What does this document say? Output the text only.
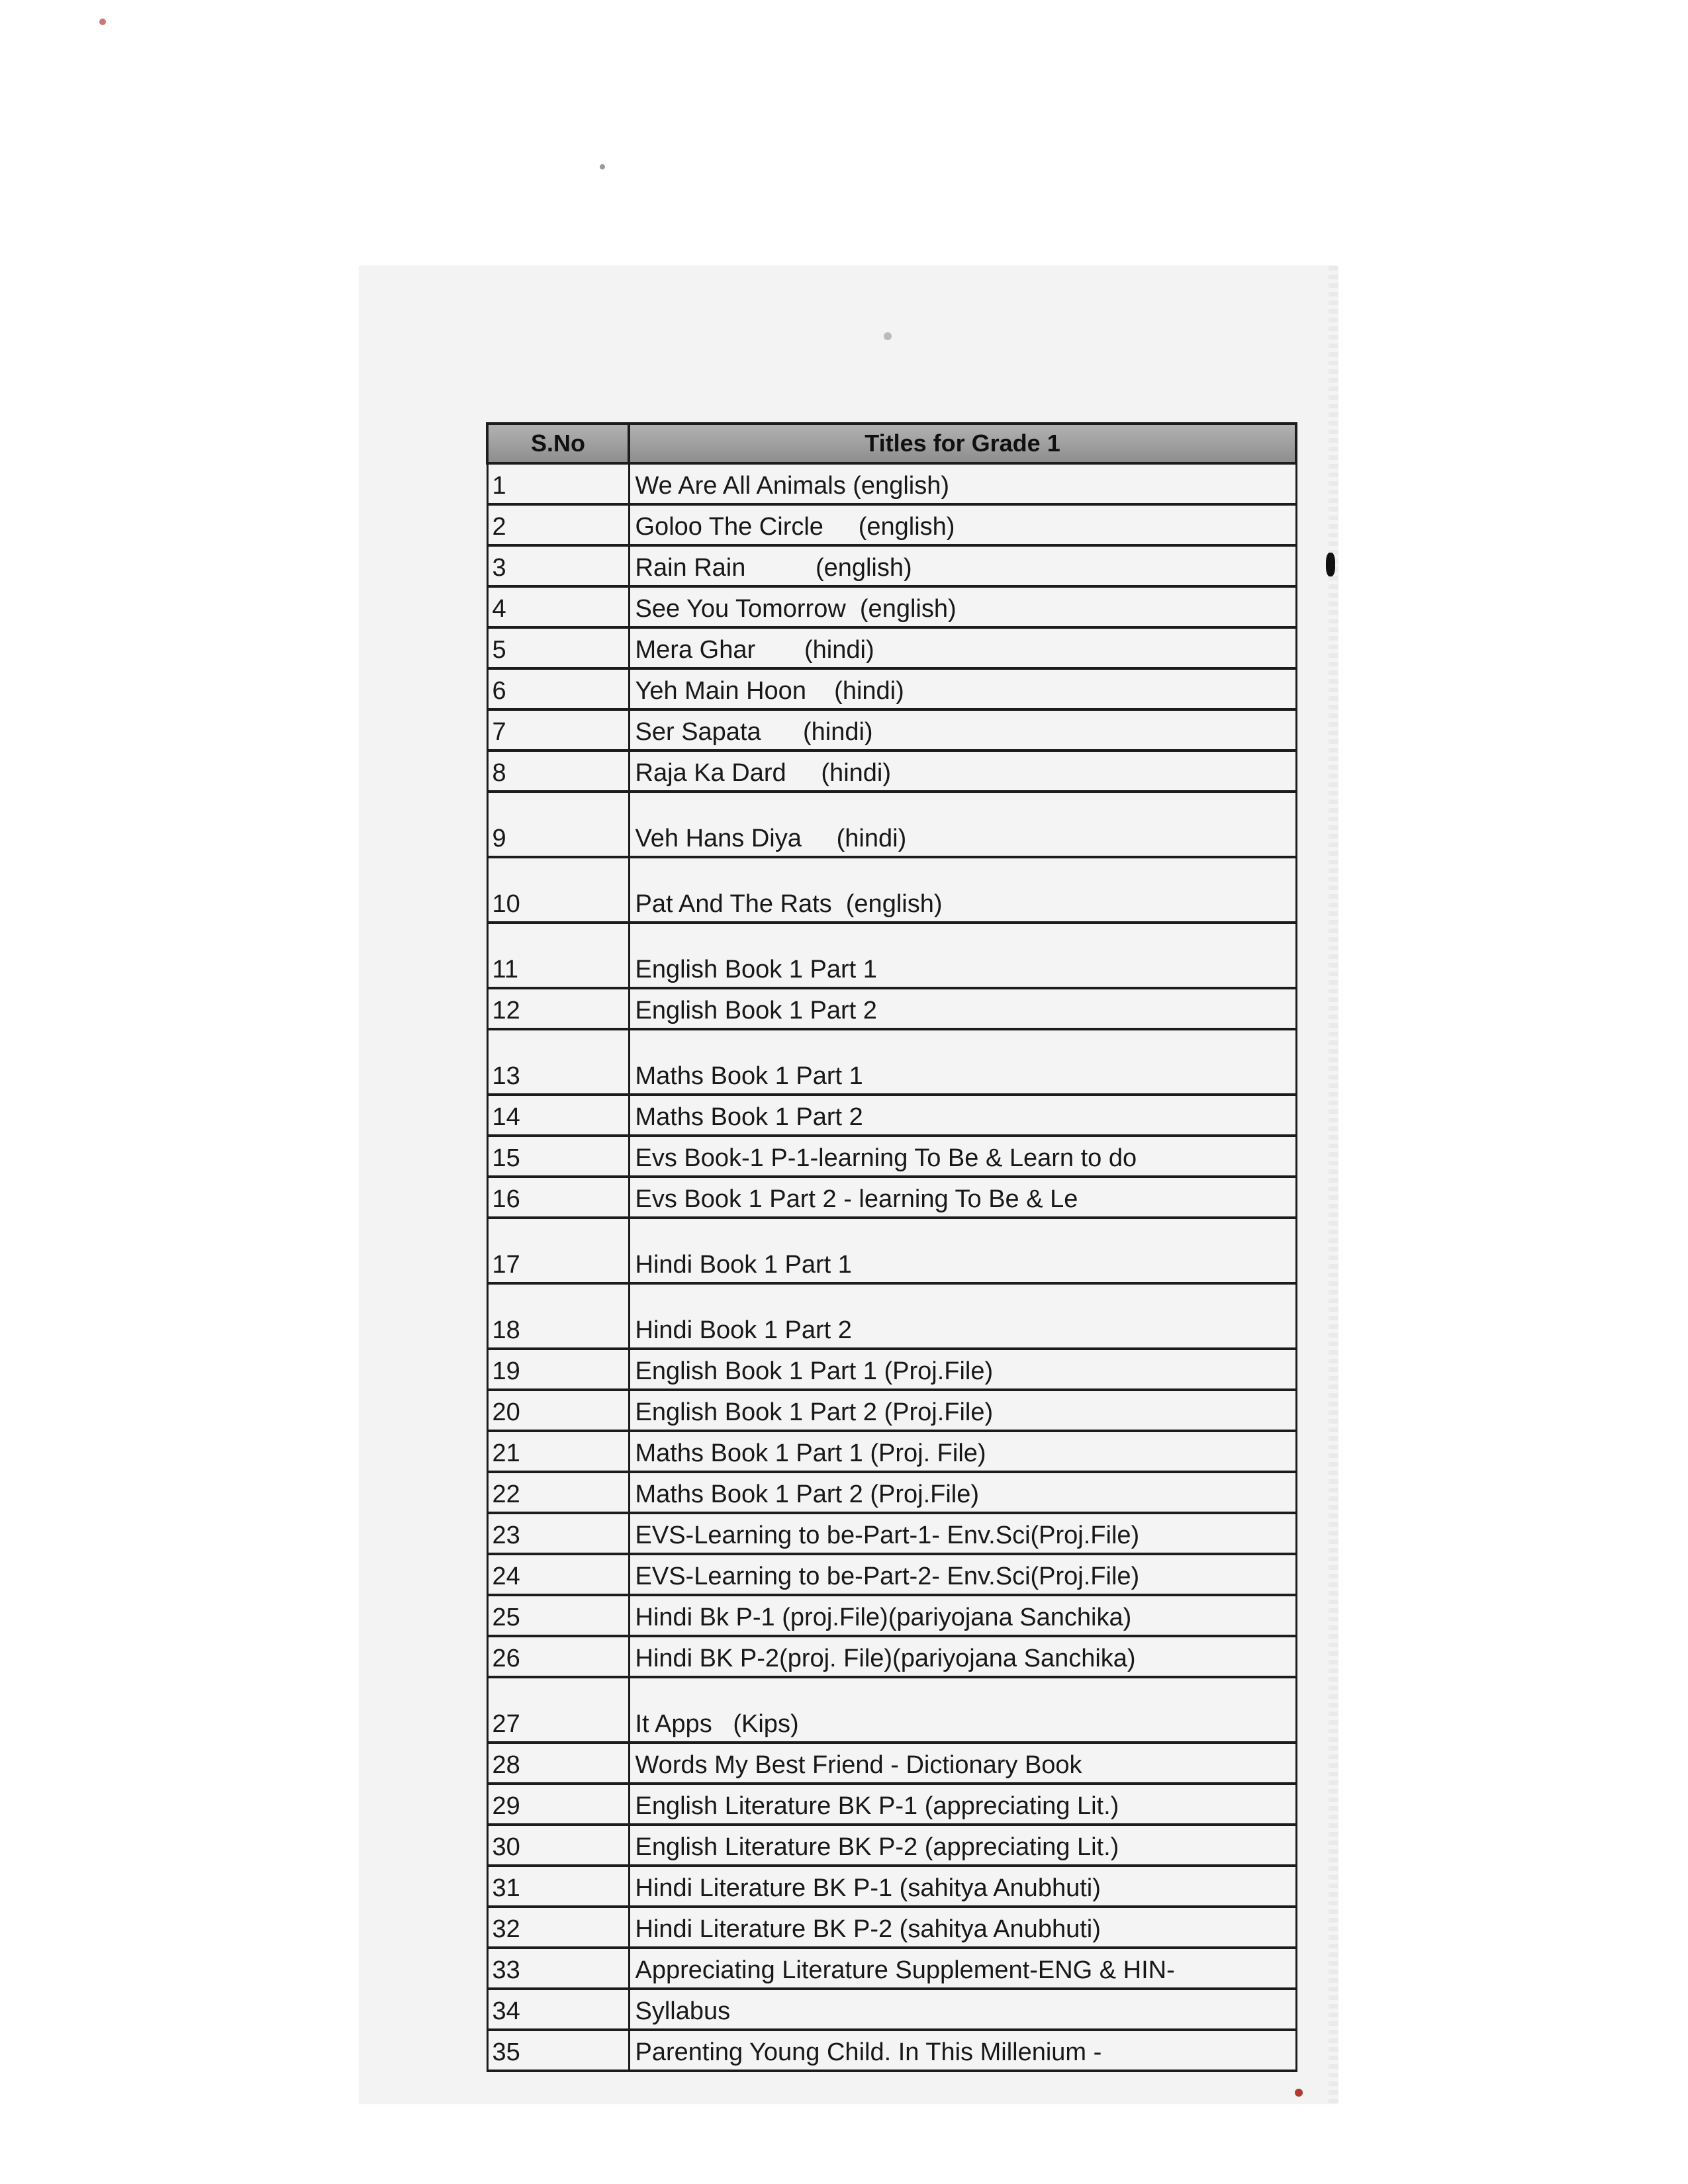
S.No	Titles for Grade 1
1	We Are All Animals (english)
2	Goloo The Circle     (english)
3	Rain Rain          (english)
4	See You Tomorrow  (english)
5	Mera Ghar       (hindi)
6	Yeh Main Hoon    (hindi)
7	Ser Sapata      (hindi)
8	Raja Ka Dard     (hindi)
9	Veh Hans Diya     (hindi)
10	Pat And The Rats  (english)
11	English Book 1 Part 1
12	English Book 1 Part 2
13	Maths Book 1 Part 1
14	Maths Book 1 Part 2
15	Evs Book-1 P-1-learning To Be & Learn to do
16	Evs Book 1 Part 2 - learning To Be & Le
17	Hindi Book 1 Part 1
18	Hindi Book 1 Part 2
19	English Book 1 Part 1 (Proj.File)
20	English Book 1 Part 2 (Proj.File)
21	Maths Book 1 Part 1 (Proj. File)
22	Maths Book 1 Part 2 (Proj.File)
23	EVS-Learning to be-Part-1- Env.Sci(Proj.File)
24	EVS-Learning to be-Part-2- Env.Sci(Proj.File)
25	Hindi Bk P-1 (proj.File)(pariyojana Sanchika)
26	Hindi BK P-2(proj. File)(pariyojana Sanchika)
27	It Apps   (Kips)
28	Words My Best Friend - Dictionary Book
29	English Literature BK P-1 (appreciating Lit.)
30	English Literature BK P-2 (appreciating Lit.)
31	Hindi Literature BK P-1 (sahitya Anubhuti)
32	Hindi Literature BK P-2 (sahitya Anubhuti)
33	Appreciating Literature Supplement-ENG & HIN-
34	Syllabus
35	Parenting Young Child. In This Millenium -
